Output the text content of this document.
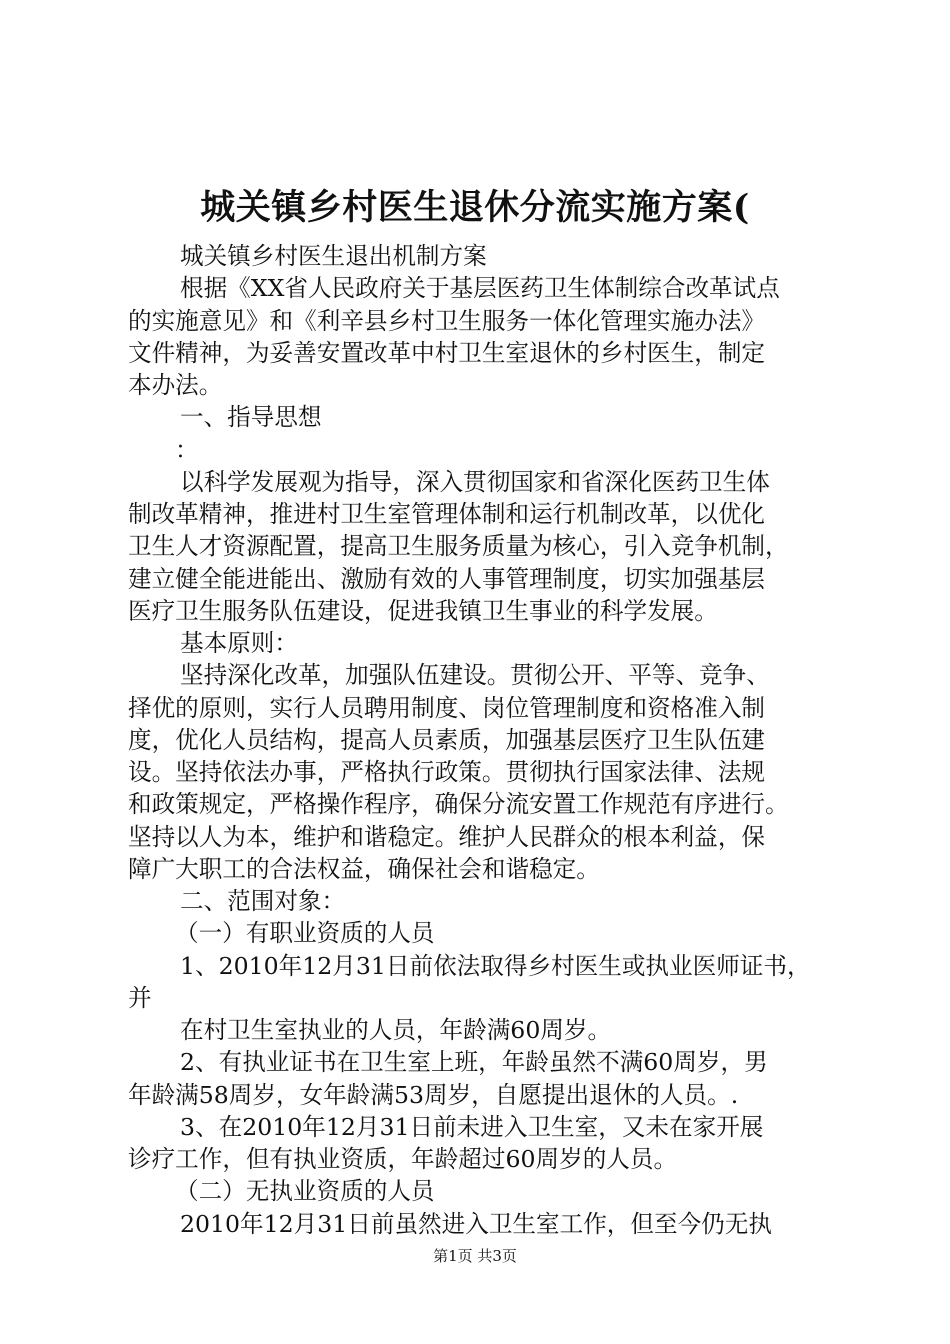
城关镇乡村医生退休分流实施方案(
城关镇乡村医生退出机制方案
根据《XX省人民政府关于基层医药卫生体制综合改革试点
的实施意见》和《利辛县乡村卫生服务一体化管理实施办法》
文件精神，为妥善安置改革中村卫生室退休的乡村医生，制定
本办法。
一、指导思想
：
以科学发展观为指导，深入贯彻国家和省深化医药卫生体
制改革精神，推进村卫生室管理体制和运行机制改革，以优化
卫生人才资源配置，提高卫生服务质量为核心，引入竞争机制，
建立健全能进能出、激励有效的人事管理制度，切实加强基层
医疗卫生服务队伍建设，促进我镇卫生事业的科学发展。
基本原则：
坚持深化改革，加强队伍建设。贯彻公开、平等、竞争、
择优的原则，实行人员聘用制度、岗位管理制度和资格准入制
度，优化人员结构，提高人员素质，加强基层医疗卫生队伍建
设。坚持依法办事，严格执行政策。贯彻执行国家法律、法规
和政策规定，严格操作程序，确保分流安置工作规范有序进行。
坚持以人为本，维护和谐稳定。维护人民群众的根本利益，保
障广大职工的合法权益，确保社会和谐稳定。
二、范围对象：
（一）有职业资质的人员
1、2010年12月31日前依法取得乡村医生或执业医师证书，
并
在村卫生室执业的人员，年龄满60周岁。
2、有执业证书在卫生室上班，年龄虽然不满60周岁，男
年龄满58周岁，女年龄满53周岁，自愿提出退休的人员。.
3、在2010年12月31日前未进入卫生室，又未在家开展
诊疗工作，但有执业资质，年龄超过60周岁的人员。
（二）无执业资质的人员
2010年12月31日前虽然进入卫生室工作，但至今仍无执
第1页 共3页
